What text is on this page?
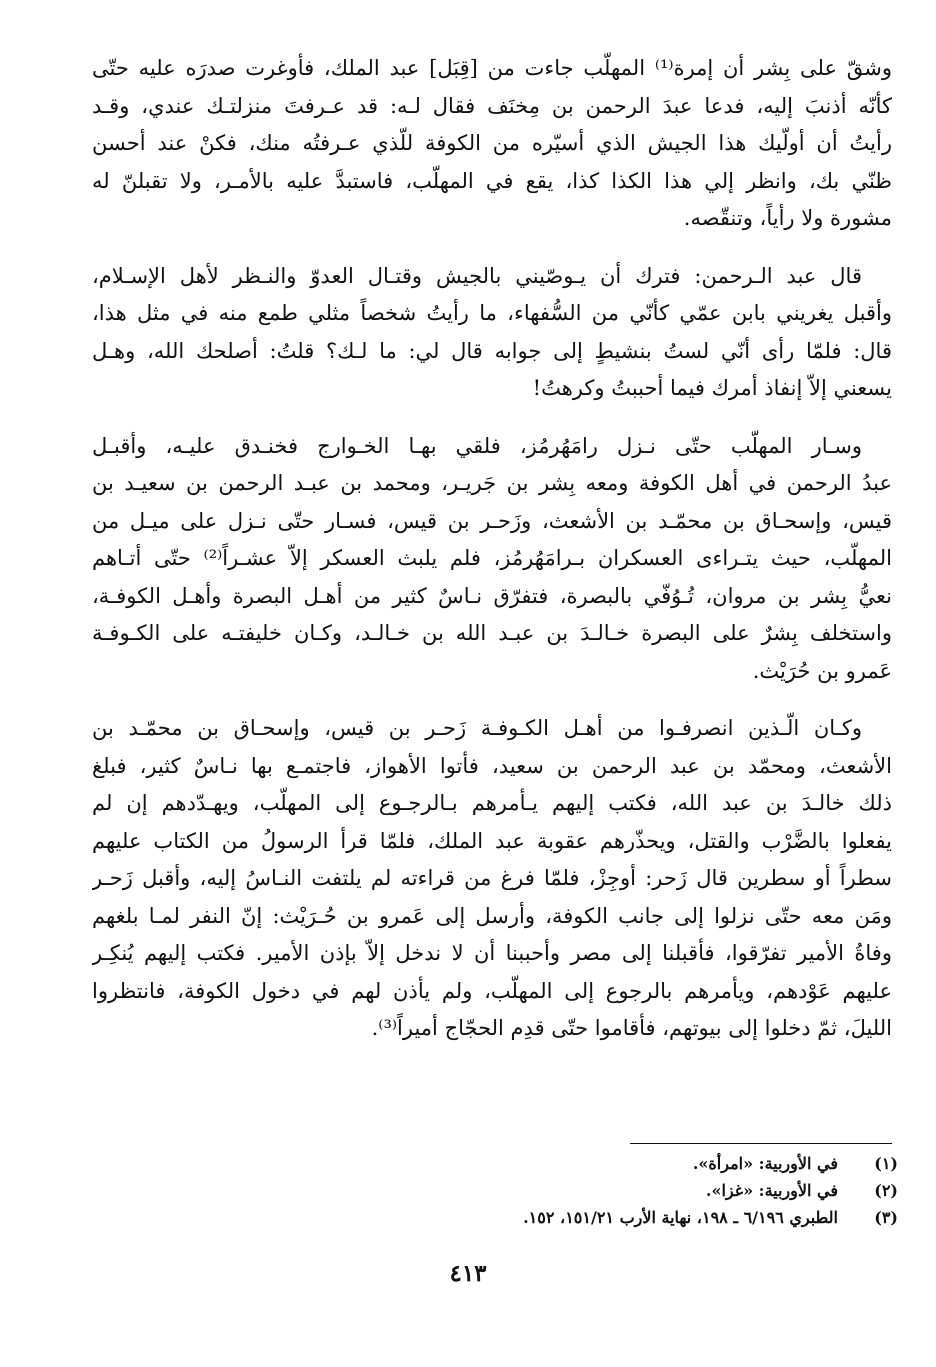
وشقّ على بِشر أن إمرة⁽¹⁾ المهلّب جاءت من [قِبَل] عبد الملك، فأوغرت صدرَه عليه حتّى
كأنّه أذنبَ إليه، فدعا عبدَ الرحمن بن مِخنَف فقال لـه: قد عـرفتَ منزلتـك عندي، وقـد
رأيتُ أن أولّيك هذا الجيش الذي أسيّره من الكوفة للّذي عـرفتُه منك، فكنْ عند أحسن
ظنّي بك، وانظر إلي هذا الكذا كذا، يقع في المهلّب، فاستبدَّ عليه بالأمـر، ولا تقبلنّ له
مشورة ولا رأياً، وتنقّصه.

قال عبد الـرحمن: فترك أن يـوصّيني بالجيش وقتـال العدوّ والنـظر لأهل الإسـلام،
وأقبل يغريني بابن عمّي كأنّي من السُّفهاء، ما رأيتُ شخصاً مثلي طمع منه في مثل هذا،
قال: فلمّا رأى أنّي لستُ بنشيطٍ إلى جوابه قال لي: ما لـك؟ قلتُ: أصلحك الله، وهـل
يسعني إلاّ إنفاذ أمرك فيما أحببتُ وكرهتُ!

وسـار المهلّب حتّى نـزل رامَهُرمُز، فلقي بهـا الخـوارج فخنـدق عليـه، وأقبـل
عبدُ الرحمن في أهل الكوفة ومعه بِشر بن جَريـر، ومحمد بن عبـد الرحمن بن سعيـد بن
قيس، وإسحـاق بن محمّـد بن الأشعث، وزَحـر بن قيس، فسـار حتّى نـزل على ميـل من
المهلّب، حيث يتـراءى العسكران بـرامَهُرمُز، فلم يلبث العسكر إلاّ عشـراً⁽²⁾ حتّى أتـاهم
نعيُّ بِشر بن مروان، تُـوُفّي بالبصرة، فتفرّق نـاسٌ كثير من أهـل البصرة وأهـل الكوفـة،
واستخلف بِشرٌ على البصرة خـالـدَ بن عبـد الله بن خـالـد، وكـان خليفتـه على الكـوفـة
عَمرو بن حُرَيْث.

وكـان الّـذين انصرفـوا من أهـل الكـوفـة زَحـر بن قيس، وإسحـاق بن محمّـد بن
الأشعث، ومحمّد بن عبد الرحمن بن سعيد، فأتوا الأهواز، فاجتمـع بها نـاسٌ كثير، فبلغ
ذلك خالـدَ بن عبد الله، فكتب إليهم يـأمرهم بـالرجـوع إلى المهلّب، ويهـدّدهم إن لم
يفعلوا بالضَّرْب والقتل، ويحذّرهم عقوبة عبد الملك، فلمّا قرأ الرسولُ من الكتاب عليهم
سطراً أو سطرين قال زَحر: أوجِزْ، فلمّا فرغ من قراءته لم يلتفت النـاسُ إليه، وأقبل زَحـر
ومَن معه حتّى نزلوا إلى جانب الكوفة، وأرسل إلى عَمرو بن حُـرَيْث: إنّ النفر لمـا بلغهم
وفاةُ الأمير تفرّقوا، فأقبلنا إلى مصر وأحببنا أن لا ندخل إلاّ بإذن الأمير. فكتب إليهم يُنكِـر
عليهم عَوْدهم، ويأمرهم بالرجوع إلى المهلّب، ولم يأذن لهم في دخول الكوفة، فانتظروا
الليلَ، ثمّ دخلوا إلى بيوتهم، فأقاموا حتّى قدِم الحجّاج أميراً⁽³⁾.

(١)في الأوربية: «امرأة».
(٢)في الأوربية: «غزا».
(٣)الطبري ٦/١٩٦ ـ ١٩٨، نهاية الأرب ١٥١/٢١، ١٥٢.
٤١٣
